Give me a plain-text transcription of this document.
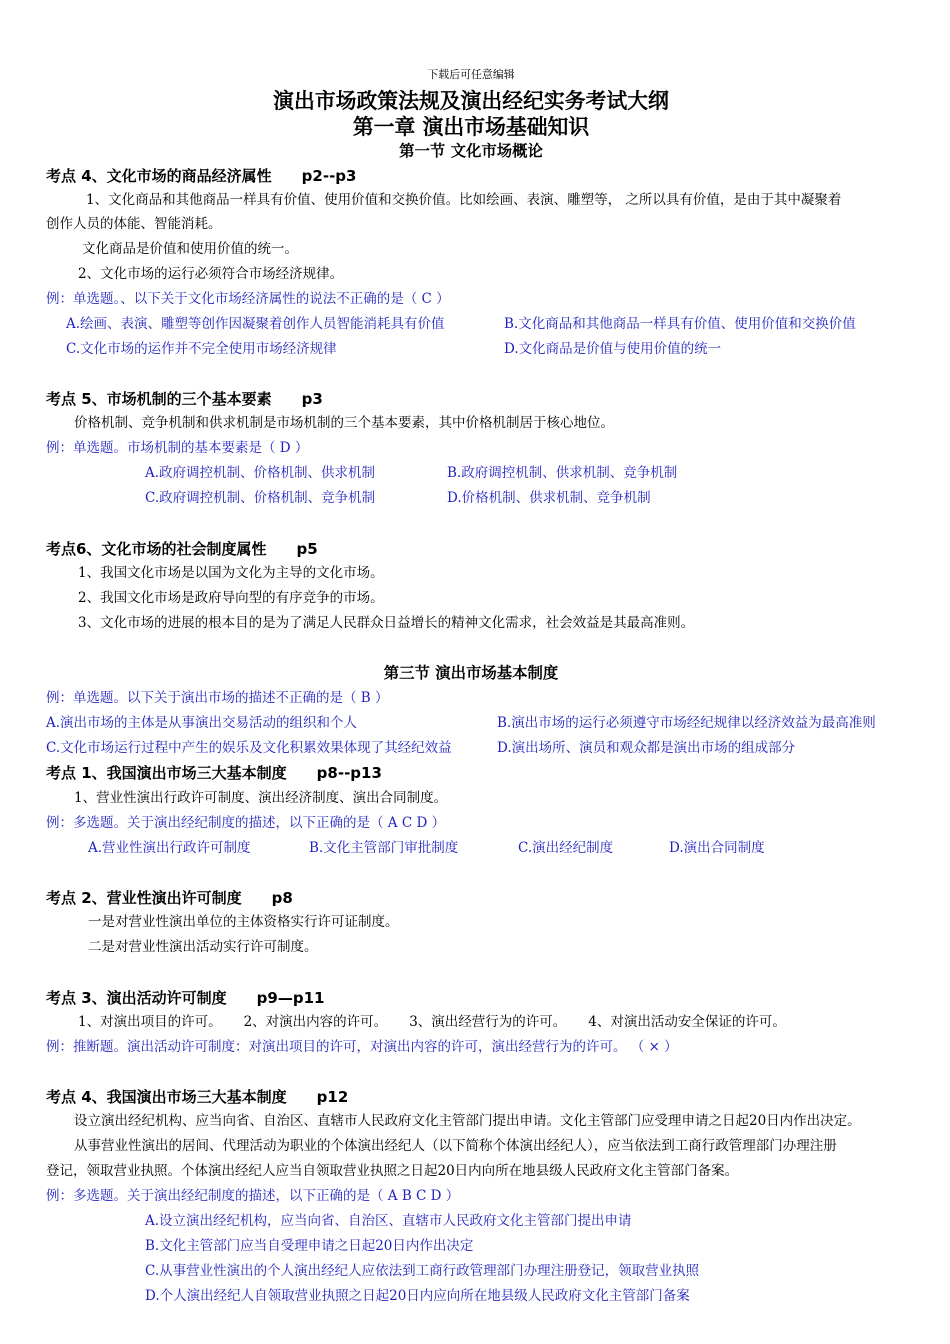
下载后可任意编辑
演出市场政策法规及演出经纪实务考试大纲
第一章 演出市场基础知识
第一节 文化市场概论
考点 4、文化市场的商品经济属性 p2--p3
1、文化商品和其他商品一样具有价值、使用价值和交换价值。比如绘画、表演、雕塑等， 之所以具有价值，是由于其中凝聚着
创作人员的体能、智能消耗。
文化商品是价值和使用价值的统一。
2、文化市场的运行必须符合市场经济规律。
例：单选题。、以下关于文化市场经济属性的说法不正确的是（ C ）
A.绘画、表演、雕塑等创作因凝聚着创作人员智能消耗具有价值	B.文化商品和其他商品一样具有价值、使用价值和交换价值
C.文化市场的运作并不完全使用市场经济规律	D.文化商品是价值与使用价值的统一
考点 5、市场机制的三个基本要素 p3
价格机制、竞争机制和供求机制是市场机制的三个基本要素，其中价格机制居于核心地位。
例：单选题。市场机制的基本要素是（ D ）
A.政府调控机制、价格机制、供求机制	B.政府调控机制、供求机制、竞争机制
C.政府调控机制、价格机制、竞争机制	D.价格机制、供求机制、竞争机制
考点6、文化市场的社会制度属性 p5
1、我国文化市场是以国为文化为主导的文化市场。
2、我国文化市场是政府导向型的有序竞争的市场。
3、文化市场的进展的根本目的是为了满足人民群众日益增长的精神文化需求，社会效益是其最高准则。
第三节 演出市场基本制度
例：单选题。以下关于演出市场的描述不正确的是（ B ）
A.演出市场的主体是从事演出交易活动的组织和个人	B.演出市场的运行必须遵守市场经纪规律以经济效益为最高准则
C.文化市场运行过程中产生的娱乐及文化积累效果体现了其经纪效益	D.演出场所、演员和观众都是演出市场的组成部分
考点 1、我国演出市场三大基本制度 p8--p13
1、营业性演出行政许可制度、演出经济制度、演出合同制度。
例：多选题。关于演出经纪制度的描述，以下正确的是（ A C D ）
A.营业性演出行政许可制度	B.文化主管部门审批制度	C.演出经纪制度	D.演出合同制度
考点 2、营业性演出许可制度 p8
一是对营业性演出单位的主体资格实行许可证制度。
二是对营业性演出活动实行许可制度。
考点 3、演出活动许可制度 p9—p11
1、对演出项目的许可。 2、对演出内容的许可。 3、演出经营行为的许可。 4、对演出活动安全保证的许可。
例：推断题。演出活动许可制度：对演出项目的许可，对演出内容的许可，演出经营行为的许可。 （ × ）
考点 4、我国演出市场三大基本制度 p12
设立演出经纪机构、应当向省、自治区、直辖市人民政府文化主管部门提出申请。文化主管部门应受理申请之日起20日内作出决定。
从事营业性演出的居间、代理活动为职业的个体演出经纪人（以下简称个体演出经纪人），应当依法到工商行政管理部门办理注册
登记，领取营业执照。个体演出经纪人应当自领取营业执照之日起20日内向所在地县级人民政府文化主管部门备案。
例：多选题。关于演出经纪制度的描述，以下正确的是（ A B C D ）
A.设立演出经纪机构，应当向省、自治区、直辖市人民政府文化主管部门提出申请
B.文化主管部门应当自受理申请之日起20日内作出决定
C.从事营业性演出的个人演出经纪人应依法到工商行政管理部门办理注册登记，领取营业执照
D.个人演出经纪人自领取营业执照之日起20日内应向所在地县级人民政府文化主管部门备案
